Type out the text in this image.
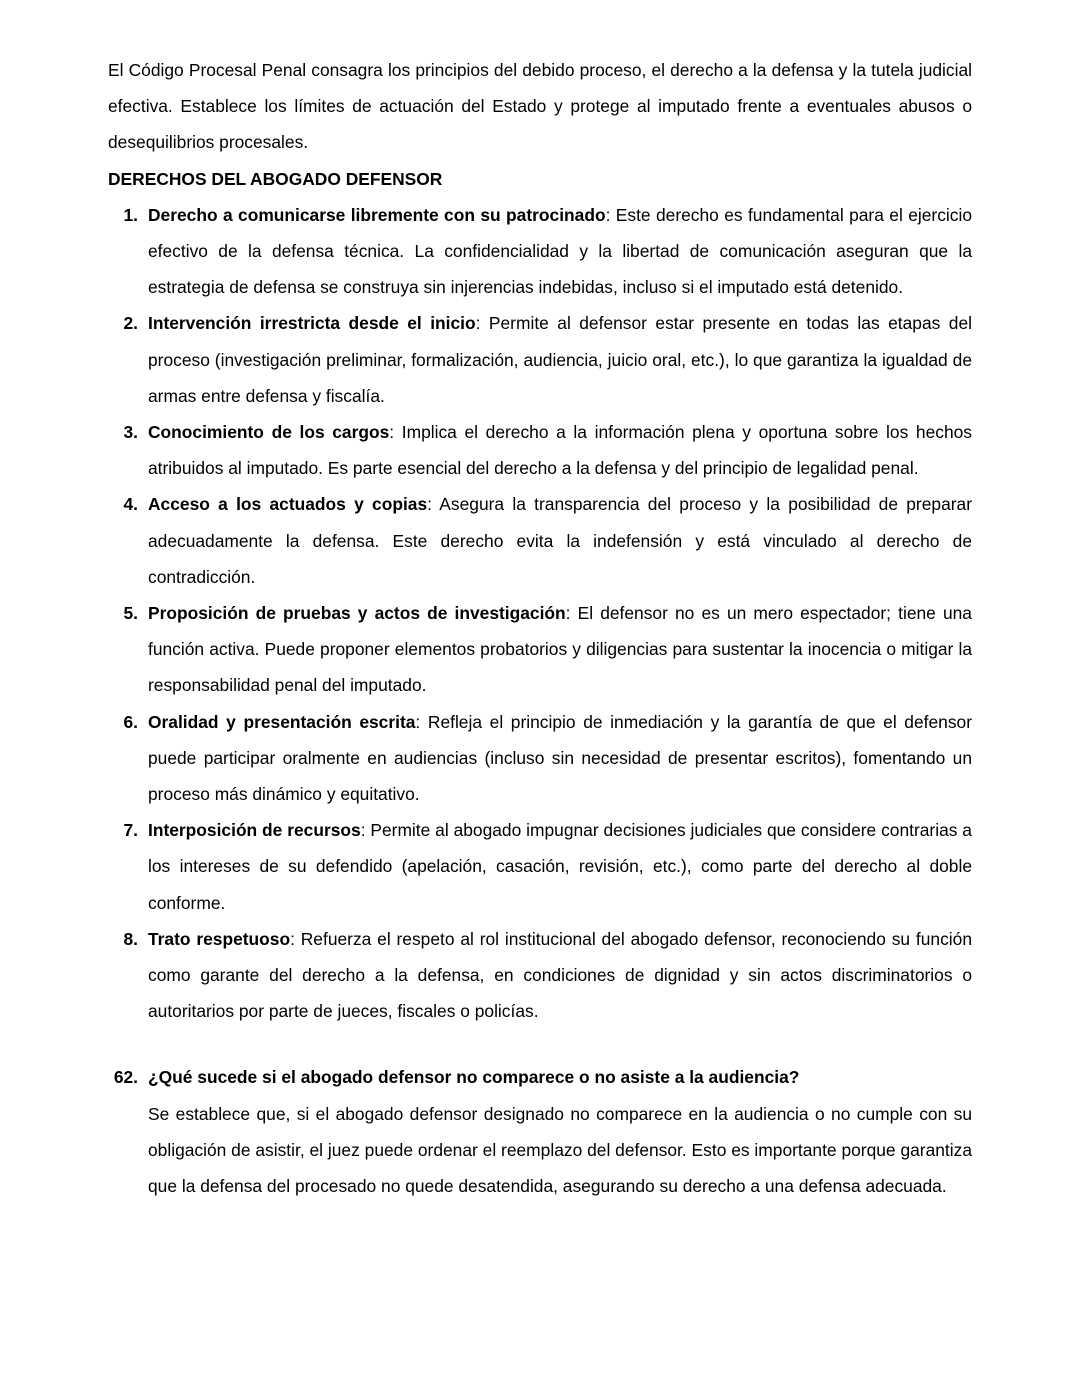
El Código Procesal Penal consagra los principios del debido proceso, el derecho a la defensa y la tutela judicial efectiva. Establece los límites de actuación del Estado y protege al imputado frente a eventuales abusos o desequilibrios procesales.

DERECHOS DEL ABOGADO DEFENSOR

1. Derecho a comunicarse libremente con su patrocinado: Este derecho es fundamental para el ejercicio efectivo de la defensa técnica. La confidencialidad y la libertad de comunicación aseguran que la estrategia de defensa se construya sin injerencias indebidas, incluso si el imputado está detenido.
2. Intervención irrestricta desde el inicio: Permite al defensor estar presente en todas las etapas del proceso (investigación preliminar, formalización, audiencia, juicio oral, etc.), lo que garantiza la igualdad de armas entre defensa y fiscalía.
3. Conocimiento de los cargos: Implica el derecho a la información plena y oportuna sobre los hechos atribuidos al imputado. Es parte esencial del derecho a la defensa y del principio de legalidad penal.
4. Acceso a los actuados y copias: Asegura la transparencia del proceso y la posibilidad de preparar adecuadamente la defensa. Este derecho evita la indefensión y está vinculado al derecho de contradicción.
5. Proposición de pruebas y actos de investigación: El defensor no es un mero espectador; tiene una función activa. Puede proponer elementos probatorios y diligencias para sustentar la inocencia o mitigar la responsabilidad penal del imputado.
6. Oralidad y presentación escrita: Refleja el principio de inmediación y la garantía de que el defensor puede participar oralmente en audiencias (incluso sin necesidad de presentar escritos), fomentando un proceso más dinámico y equitativo.
7. Interposición de recursos: Permite al abogado impugnar decisiones judiciales que considere contrarias a los intereses de su defendido (apelación, casación, revisión, etc.), como parte del derecho al doble conforme.
8. Trato respetuoso: Refuerza el respeto al rol institucional del abogado defensor, reconociendo su función como garante del derecho a la defensa, en condiciones de dignidad y sin actos discriminatorios o autoritarios por parte de jueces, fiscales o policías.
62. ¿Qué sucede si el abogado defensor no comparece o no asiste a la audiencia?

Se establece que, si el abogado defensor designado no comparece en la audiencia o no cumple con su obligación de asistir, el juez puede ordenar el reemplazo del defensor. Esto es importante porque garantiza que la defensa del procesado no quede desatendida, asegurando su derecho a una defensa adecuada.
